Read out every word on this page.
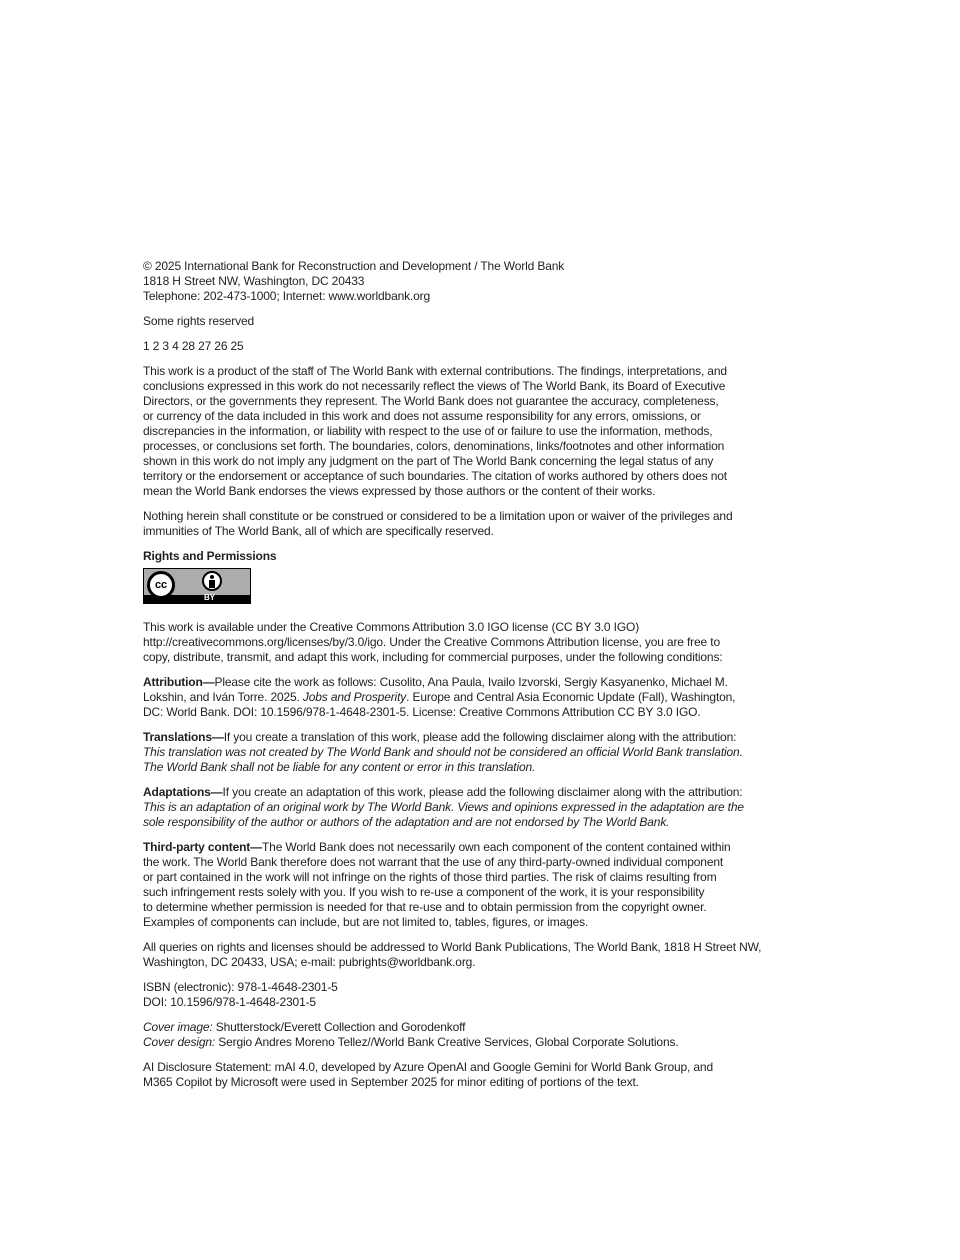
© 2025 International Bank for Reconstruction and Development / The World Bank
1818 H Street NW, Washington, DC 20433
Telephone: 202-473-1000; Internet: www.worldbank.org
Some rights reserved
1 2 3 4 28 27 26 25
This work is a product of the staff of The World Bank with external contributions. The findings, interpretations, and
conclusions expressed in this work do not necessarily reflect the views of The World Bank, its Board of Executive
Directors, or the governments they represent. The World Bank does not guarantee the accuracy, completeness,
or currency of the data included in this work and does not assume responsibility for any errors, omissions, or
discrepancies in the information, or liability with respect to the use of or failure to use the information, methods,
processes, or conclusions set forth. The boundaries, colors, denominations, links/footnotes and other information
shown in this work do not imply any judgment on the part of The World Bank concerning the legal status of any
territory or the endorsement or acceptance of such boundaries. The citation of works authored by others does not
mean the World Bank endorses the views expressed by those authors or the content of their works.
Nothing herein shall constitute or be construed or considered to be a limitation upon or waiver of the privileges and
immunities of The World Bank, all of which are specifically reserved.
Rights and Permissions
cc
BY
This work is available under the Creative Commons Attribution 3.0 IGO license (CC BY 3.0 IGO)
http://creativecommons.org/licenses/by/3.0/igo. Under the Creative Commons Attribution license, you are free to
copy, distribute, transmit, and adapt this work, including for commercial purposes, under the following conditions:
Attribution—Please cite the work as follows: Cusolito, Ana Paula, Ivailo Izvorski, Sergiy Kasyanenko, Michael M.
Lokshin, and Iván Torre. 2025. Jobs and Prosperity. Europe and Central Asia Economic Update (Fall), Washington,
DC: World Bank. DOI: 10.1596/978-1-4648-2301-5. License: Creative Commons Attribution CC BY 3.0 IGO.
Translations—If you create a translation of this work, please add the following disclaimer along with the attribution:
This translation was not created by The World Bank and should not be considered an official World Bank translation.
The World Bank shall not be liable for any content or error in this translation.
Adaptations—If you create an adaptation of this work, please add the following disclaimer along with the attribution:
This is an adaptation of an original work by The World Bank. Views and opinions expressed in the adaptation are the
sole responsibility of the author or authors of the adaptation and are not endorsed by The World Bank.
Third-party content—The World Bank does not necessarily own each component of the content contained within
the work. The World Bank therefore does not warrant that the use of any third-party-owned individual component
or part contained in the work will not infringe on the rights of those third parties. The risk of claims resulting from
such infringement rests solely with you. If you wish to re-use a component of the work, it is your responsibility
to determine whether permission is needed for that re-use and to obtain permission from the copyright owner.
Examples of components can include, but are not limited to, tables, figures, or images.
All queries on rights and licenses should be addressed to World Bank Publications, The World Bank, 1818 H Street NW,
Washington, DC 20433, USA; e-mail: pubrights@worldbank.org.
ISBN (electronic): 978-1-4648-2301-5
DOI: 10.1596/978-1-4648-2301-5
Cover image: Shutterstock/Everett Collection and Gorodenkoff
Cover design: Sergio Andres Moreno Tellez//World Bank Creative Services, Global Corporate Solutions.
AI Disclosure Statement: mAI 4.0, developed by Azure OpenAI and Google Gemini for World Bank Group, and
M365 Copilot by Microsoft were used in September 2025 for minor editing of portions of the text.
